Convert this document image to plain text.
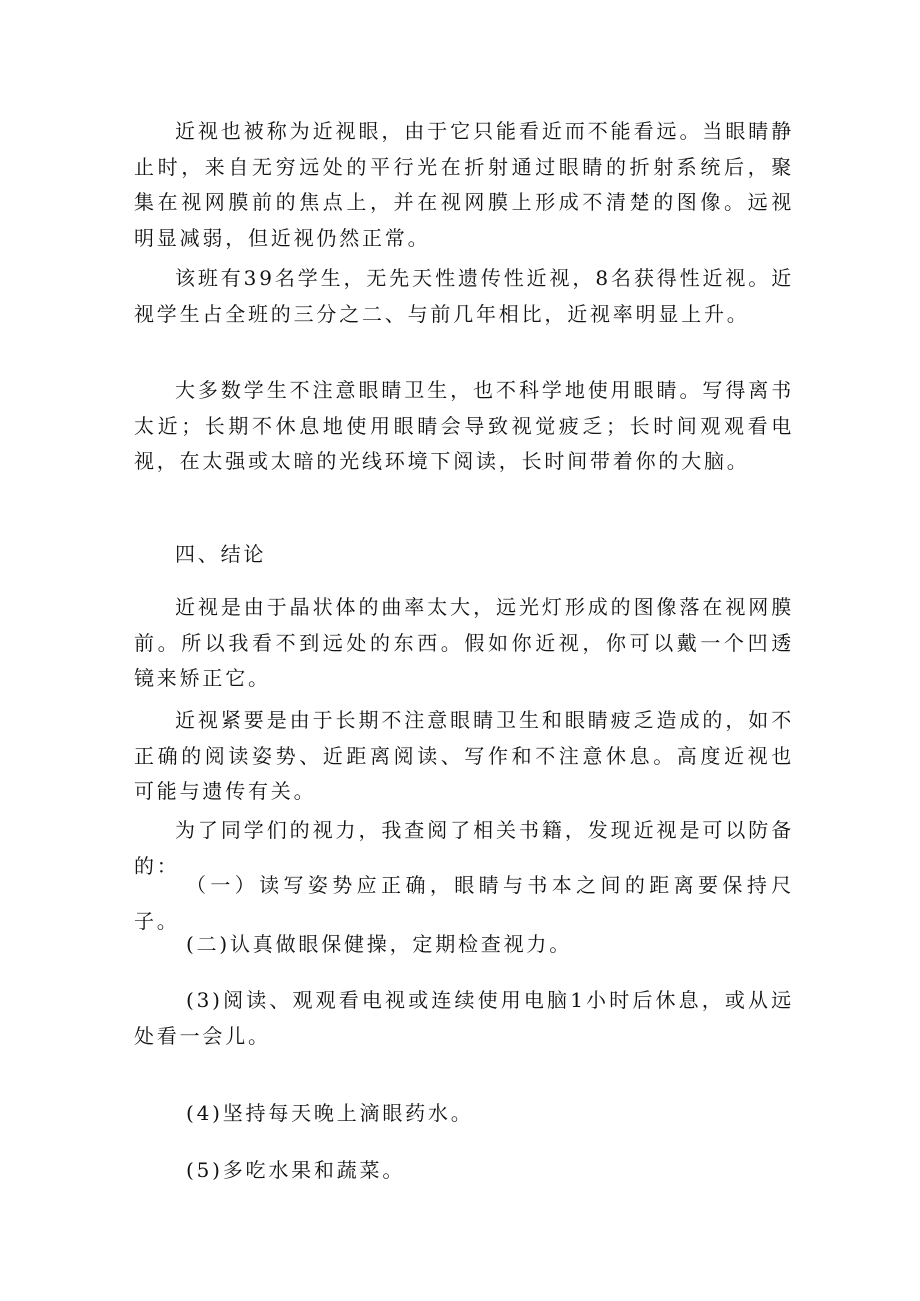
近视也被称为近视眼，由于它只能看近而不能看远。当眼睛静止时，来自无穷远处的平行光在折射通过眼睛的折射系统后，聚集在视网膜前的焦点上，并在视网膜上形成不清楚的图像。远视明显减弱，但近视仍然正常。

该班有39名学生，无先天性遗传性近视，8名获得性近视。近视学生占全班的三分之二、与前几年相比，近视率明显上升。

大多数学生不注意眼睛卫生，也不科学地使用眼睛。写得离书太近；长期不休息地使用眼睛会导致视觉疲乏；长时间观观看电视，在太强或太暗的光线环境下阅读，长时间带着你的大脑。

四、结论

近视是由于晶状体的曲率太大，远光灯形成的图像落在视网膜前。所以我看不到远处的东西。假如你近视，你可以戴一个凹透镜来矫正它。

近视紧要是由于长期不注意眼睛卫生和眼睛疲乏造成的，如不正确的阅读姿势、近距离阅读、写作和不注意休息。高度近视也可能与遗传有关。

为了同学们的视力，我查阅了相关书籍，发现近视是可以防备的：

（一）读写姿势应正确，眼睛与书本之间的距离要保持尺子。

(二)认真做眼保健操，定期检查视力。

(3)阅读、观观看电视或连续使用电脑1小时后休息，或从远处看一会儿。

(4)坚持每天晚上滴眼药水。

(5)多吃水果和蔬菜。
